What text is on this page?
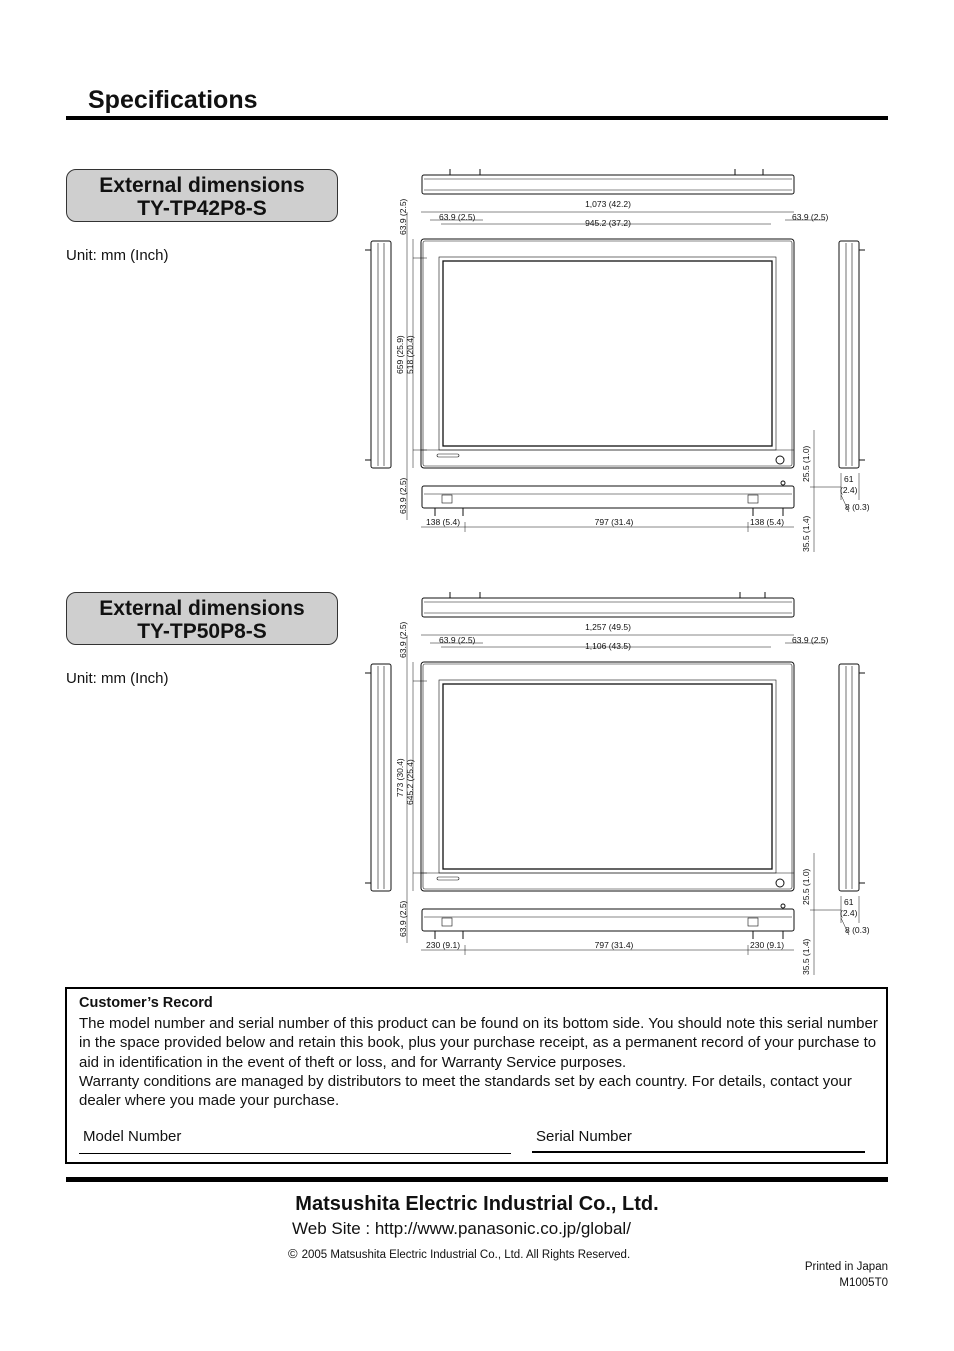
Specifications
External dimensions
TY-TP42P8-S
Unit: mm (Inch)
1,073 (42.2)
945.2 (37.2)
63.9 (2.5)	63.9 (2.5)
63.9 (2.5)
63.9 (2.5)
659 (25.9) 518 (20.4)
25.5 (1.0)
35.5 (1.4)
61
(2.4)
8 (0.3)
138 (5.4)	797 (31.4)	138 (5.4)
External dimensions
TY-TP50P8-S
Unit: mm (Inch)
1,257 (49.5)
1,106 (43.5)
63.9 (2.5)	63.9 (2.5)
63.9 (2.5)
63.9 (2.5)
773 (30.4) 645.2 (25.4)
25.5 (1.0)
35.5 (1.4)
61
(2.4)
8 (0.3)
230 (9.1)	797 (31.4)	230 (9.1)
Customer’s Record
The model number and serial number of this product can be found on its bottom side. You should note this serial number in the space provided below and retain this book, plus your purchase receipt, as a permanent record of your purchase to aid in identification in the event of theft or loss, and for Warranty Service purposes.
Warranty conditions are managed by distributors to meet the standards set by each country. For details, contact your dealer where you made your purchase.
Model Number	Serial Number
Matsushita Electric Industrial Co., Ltd.
Web Site : http://www.panasonic.co.jp/global/
© 2005 Matsushita Electric Industrial Co., Ltd. All Rights Reserved.
Printed in Japan
M1005T0
